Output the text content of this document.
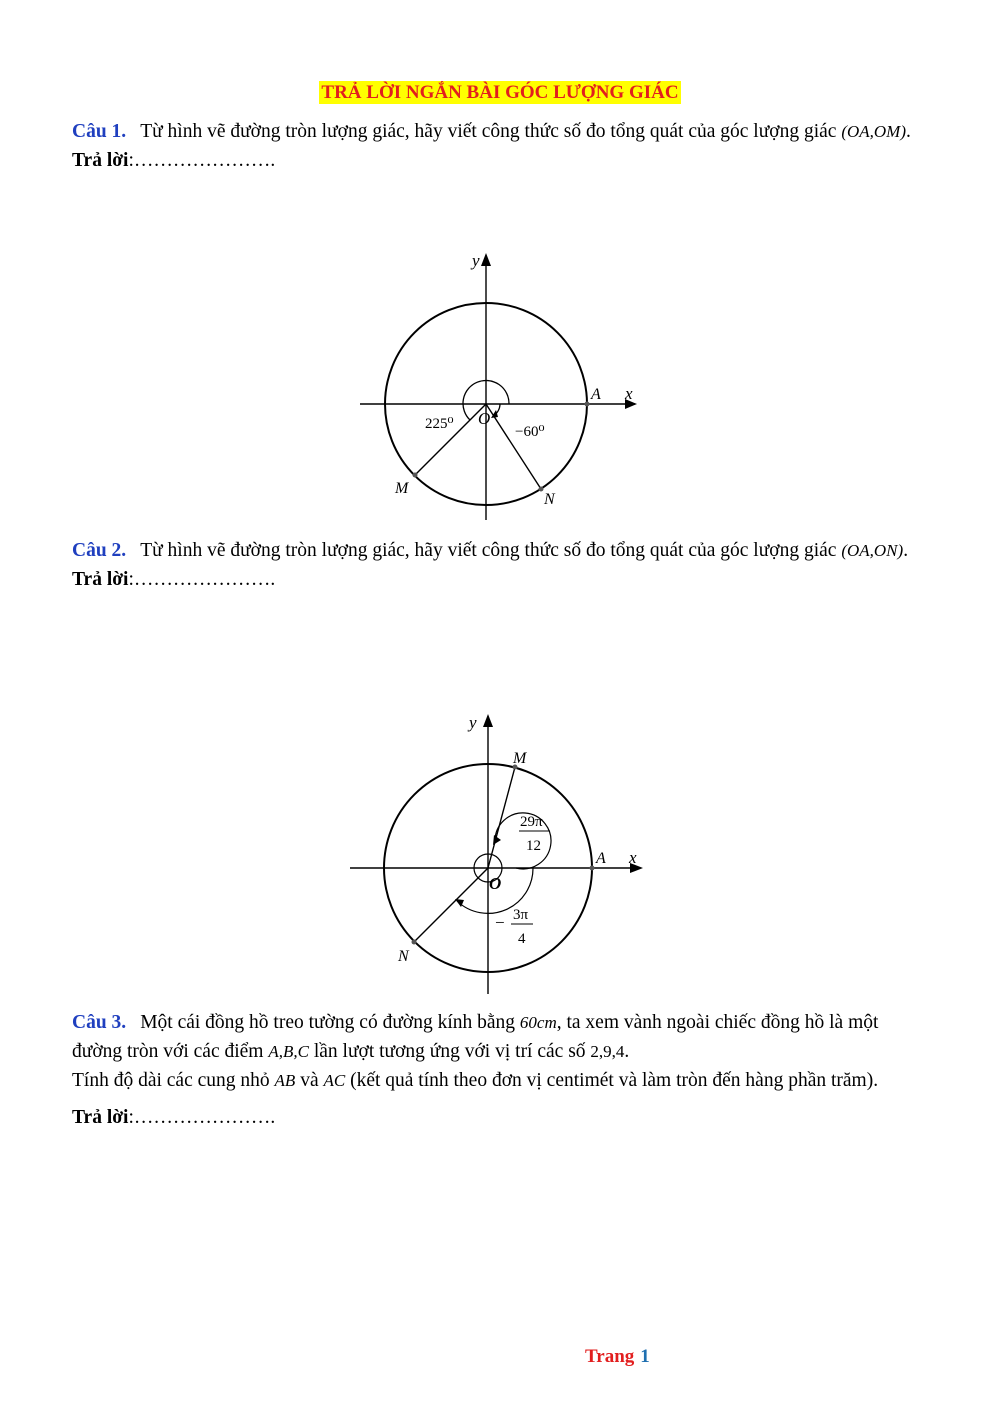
TRẢ LỜI NGẮN BÀI GÓC LƯỢNG GIÁC
Câu 1. Từ hình vẽ đường tròn lượng giác, hãy viết công thức số đo tổng quát của góc lượng giác (OA,OM).
Trả lời:………………….
y
x
O
A
M
N
225⁰	−60⁰
Câu 2. Từ hình vẽ đường tròn lượng giác, hãy viết công thức số đo tổng quát của góc lượng giác (OA,ON).
Trả lời:………………….
y
x
O
A
M
N
29π
12
− 3π
4
Câu 3. Một cái đồng hồ treo tường có đường kính bằng 60cm, ta xem vành ngoài chiếc đồng hồ là một đường tròn với các điểm A,B,C lần lượt tương ứng với vị trí các số 2,9,4.
Tính độ dài các cung nhỏ AB và AC (kết quả tính theo đơn vị centimét và làm tròn đến hàng phần trăm).
Trả lời:………………….
Trang 1
